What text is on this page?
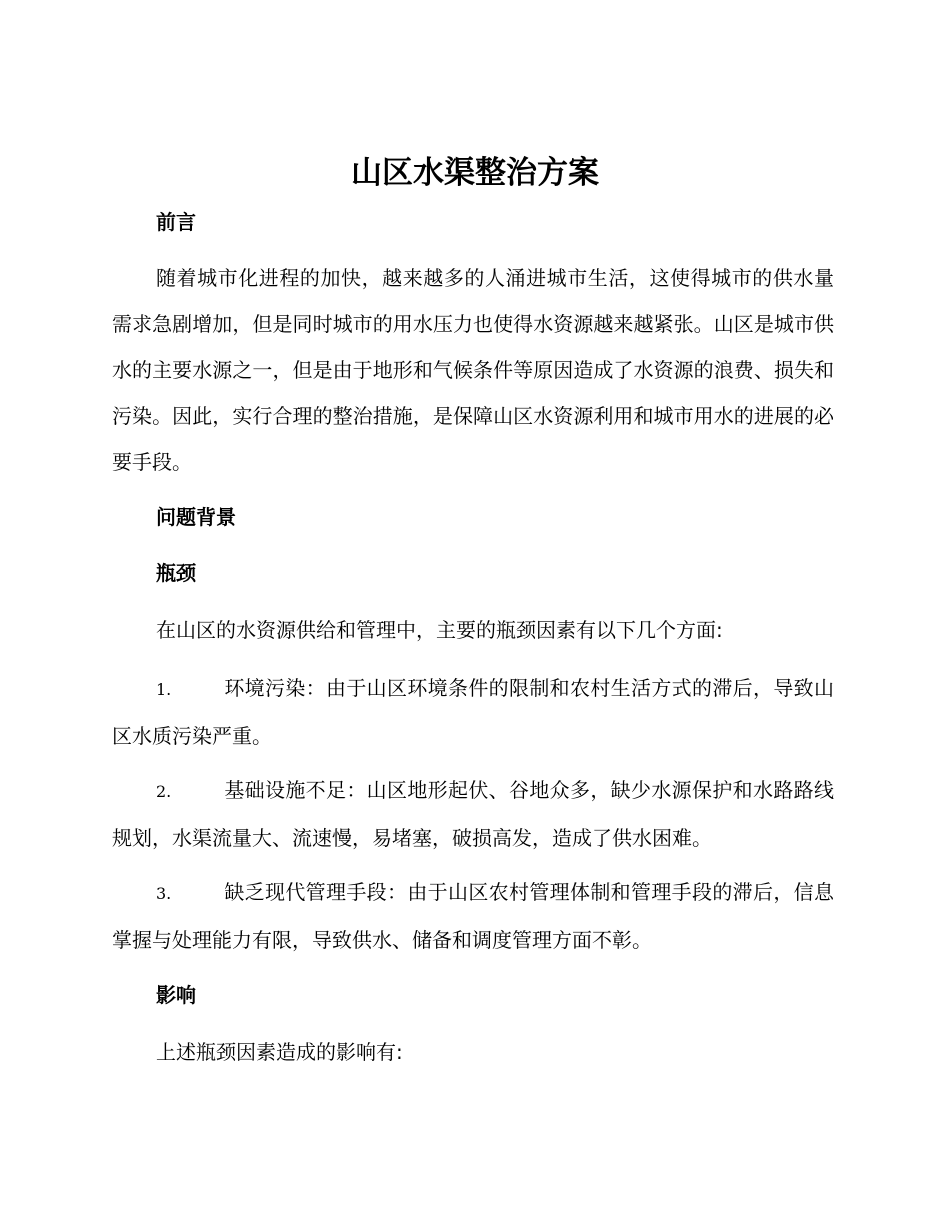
山区水渠整治方案
前言

随着城市化进程的加快，越来越多的人涌进城市生活，这使得城市的供水量需求急剧增加，但是同时城市的用水压力也使得水资源越来越紧张。山区是城市供水的主要水源之一，但是由于地形和气候条件等原因造成了水资源的浪费、损失和污染。因此，实行合理的整治措施，是保障山区水资源利用和城市用水的进展的必要手段。

问题背景
瓶颈

在山区的水资源供给和管理中，主要的瓶颈因素有以下几个方面:

1.	环境污染：由于山区环境条件的限制和农村生活方式的滞后，导致山区水质污染严重。

2.	基础设施不足：山区地形起伏、谷地众多，缺少水源保护和水路路线规划，水渠流量大、流速慢，易堵塞，破损高发，造成了供水困难。

3.	缺乏现代管理手段：由于山区农村管理体制和管理手段的滞后，信息掌握与处理能力有限，导致供水、储备和调度管理方面不彰。

影响

上述瓶颈因素造成的影响有:
